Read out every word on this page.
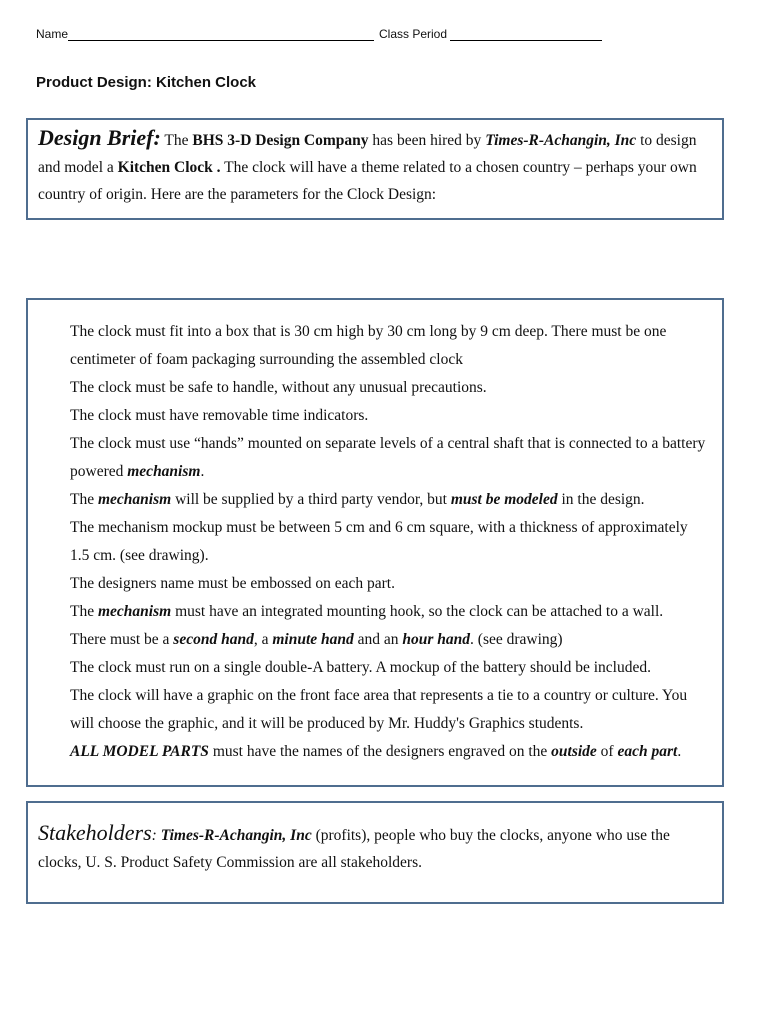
Name	Class Period
Product Design: Kitchen Clock
Design Brief: The BHS 3-D Design Company has been hired by Times-R-Achangin, Inc to design and model a Kitchen Clock . The clock will have a theme related to a chosen country – perhaps your own country of origin. Here are the parameters for the Clock Design:
The clock must fit into a box that is 30 cm high by 30 cm long by 9 cm deep. There must be one centimeter of foam packaging surrounding the assembled clock
The clock must be safe to handle, without any unusual precautions.
The clock must have removable time indicators.
The clock must use “hands” mounted on separate levels of a central shaft that is connected to a battery powered mechanism.
The mechanism will be supplied by a third party vendor, but must be modeled in the design.
The mechanism mockup must be between 5 cm and 6 cm square, with a thickness of approximately 1.5 cm. (see drawing).
The designers name must be embossed on each part.
The mechanism must have an integrated mounting hook, so the clock can be attached to a wall.
There must be a second hand, a minute hand and an hour hand. (see drawing)
The clock must run on a single double-A battery. A mockup of the battery should be included.
The clock will have a graphic on the front face area that represents a tie to a country or culture. You will choose the graphic, and it will be produced by Mr. Huddy's Graphics students.
ALL MODEL PARTS must have the names of the designers engraved on the outside of each part.
Stakeholders: Times-R-Achangin, Inc (profits), people who buy the clocks, anyone who use the clocks, U. S. Product Safety Commission are all stakeholders.
